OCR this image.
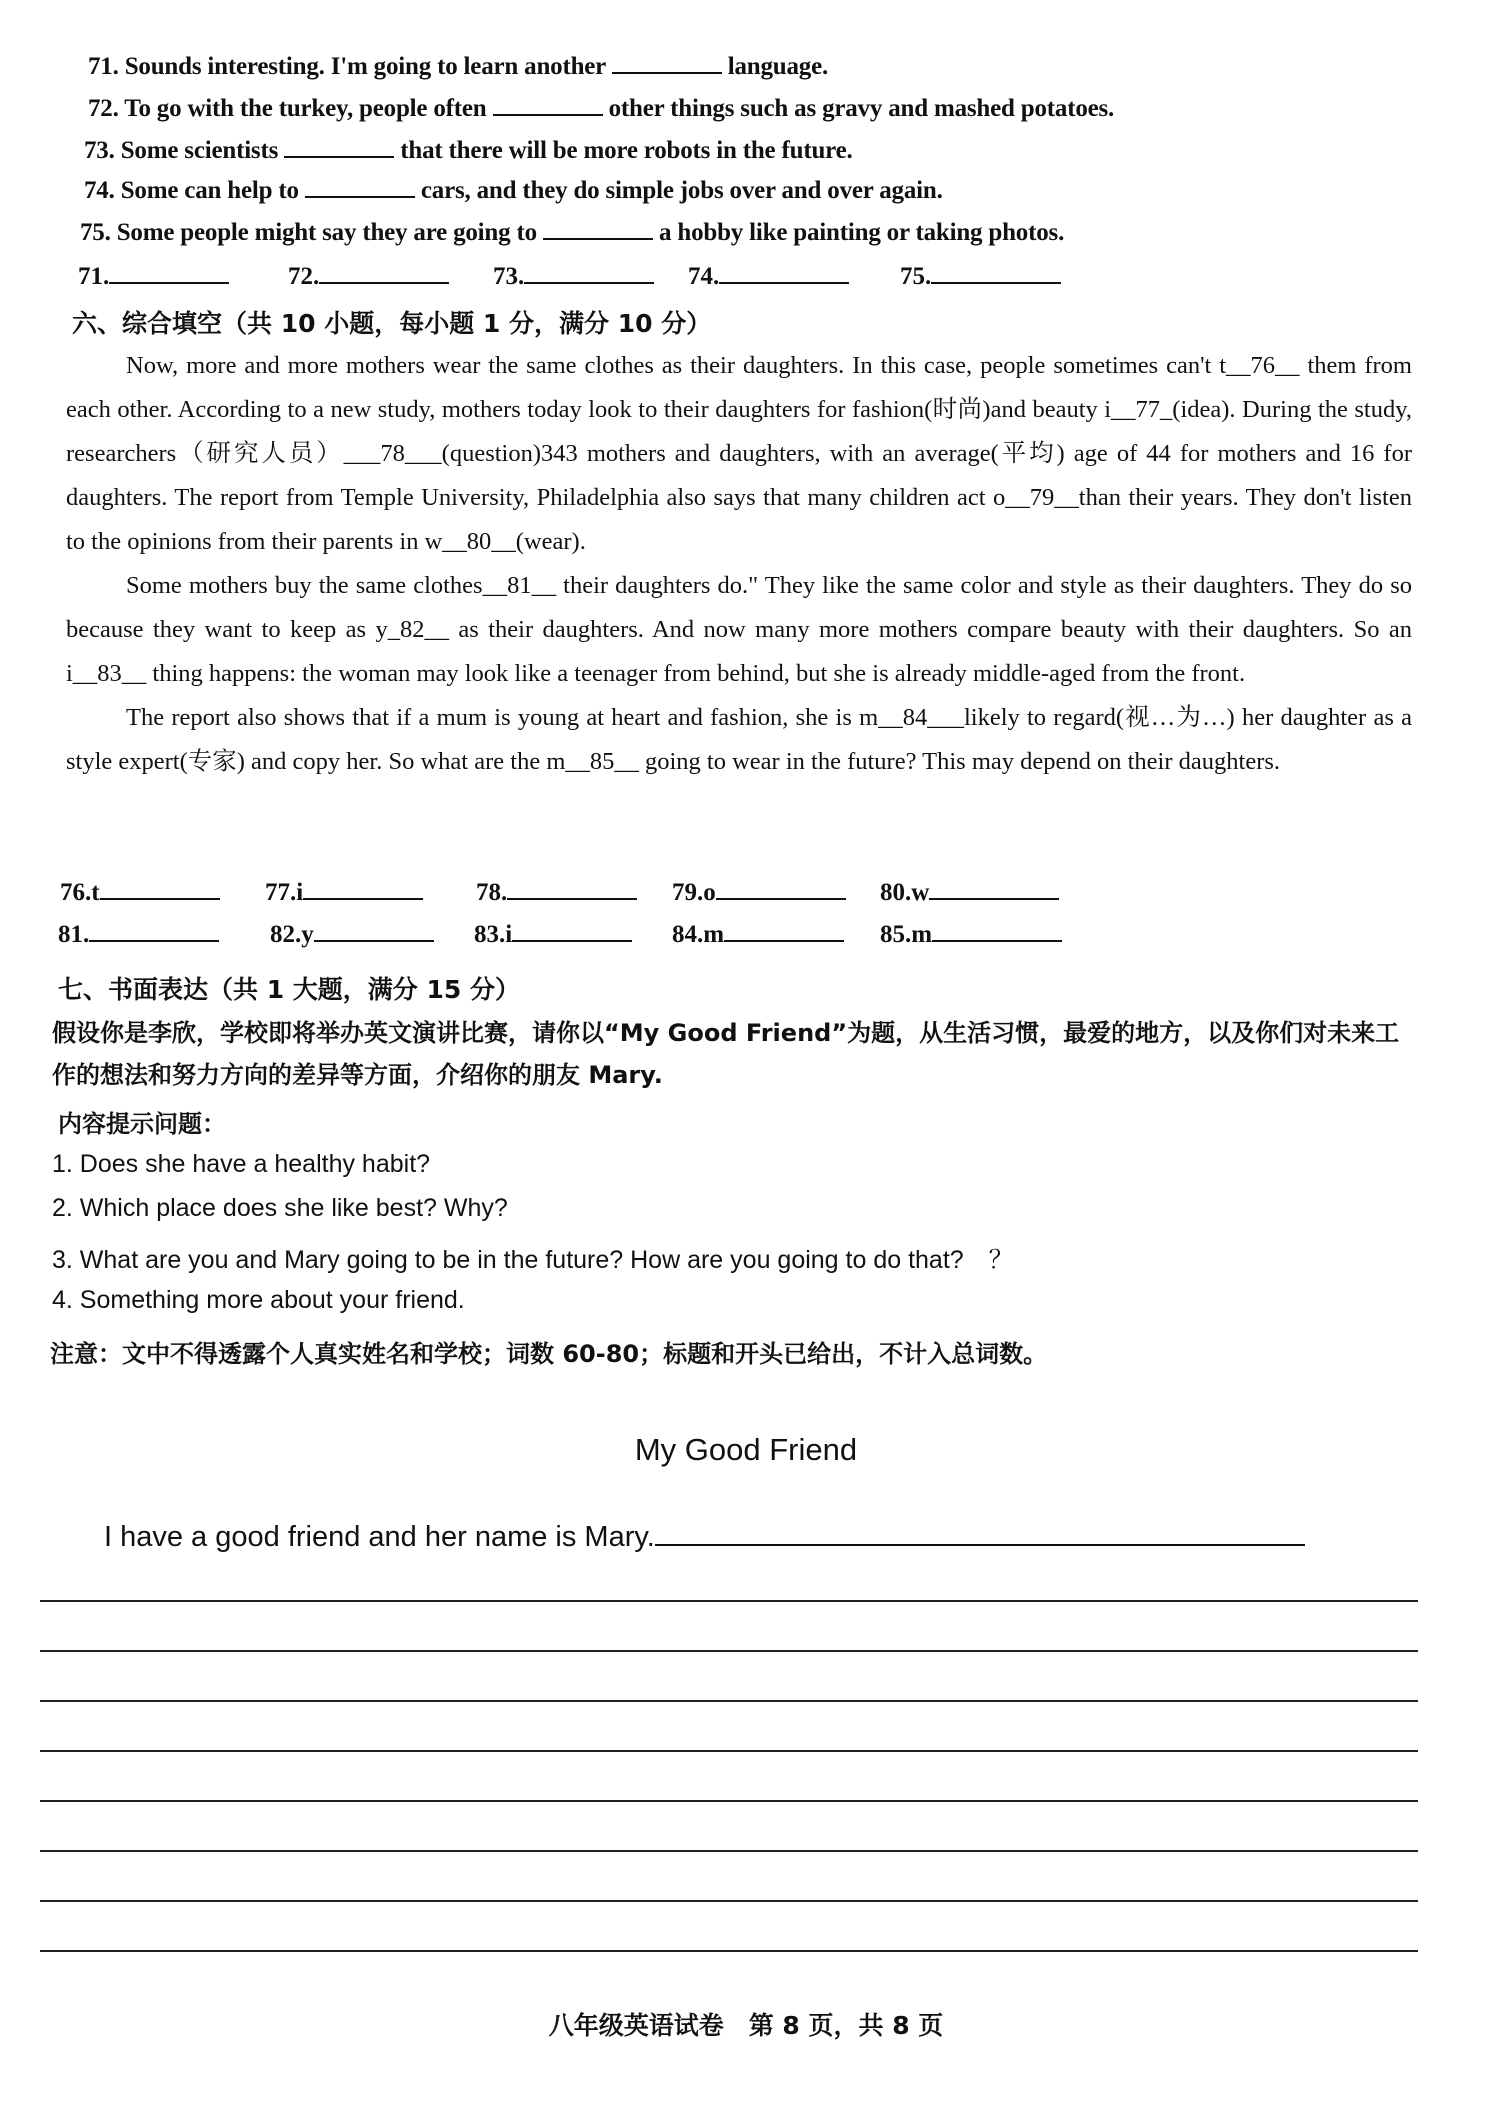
71. Sounds interesting. I'm going to learn another	language.
72. To go with the turkey, people often	other things such as gravy and mashed potatoes.
73. Some scientists	that there will be more robots in the future.
74. Some can help to	cars, and they do simple jobs over and over again.
75. Some people might say they are going to	a hobby like painting or taking photos.
71.	72.	73.	74.	75.
六、综合填空（共 10 小题，每小题 1 分，满分 10 分）

Now, more and more mothers wear the same clothes as their daughters. In this case, people sometimes can't t__76__ them from each other. According to a new study, mothers today look to their daughters for fashion(时尚)and beauty i__77_(idea). During the study, researchers（研究人员）___78___(question)343 mothers and daughters, with an average(平均) age of 44 for mothers and 16 for daughters. The report from Temple University, Philadelphia also says that many children act o__79__than their years. They don't listen to the opinions from their parents in w__80__(wear).

Some mothers buy the same clothes__81__ their daughters do." They like the same color and style as their daughters. They do so because they want to keep as y_82__ as their daughters. And now many more mothers compare beauty with their daughters. So an i__83__ thing happens: the woman may look like a teenager from behind, but she is already middle-aged from the front.

The report also shows that if a mum is young at heart and fashion, she is m__84___likely to regard(视…为…) her daughter as a style expert(专家) and copy her. So what are the m__85__ going to wear in the future? This may depend on their daughters.

76.t	77.i	78.	79.o	80.w
81.	82.y	83.i	84.m	85.m
七、书面表达（共 1 大题，满分 15 分）
假设你是李欣，学校即将举办英文演讲比赛，请你以“My Good Friend”为题，从生活习惯，最爱的地方，以及你们对未来工作的想法和努力方向的差异等方面，介绍你的朋友 Mary.
内容提示问题：
1. Does she have a healthy habit?
2. Which place does she like best? Why?
3. What are you and Mary going to be in the future? How are you going to do that?　？
4. Something more about your friend.
注意：文中不得透露个人真实姓名和学校；词数 60-80；标题和开头已给出，不计入总词数。
My Good Friend
I have a good friend and her name is Mary.
八年级英语试卷　第 8 页，共 8 页
